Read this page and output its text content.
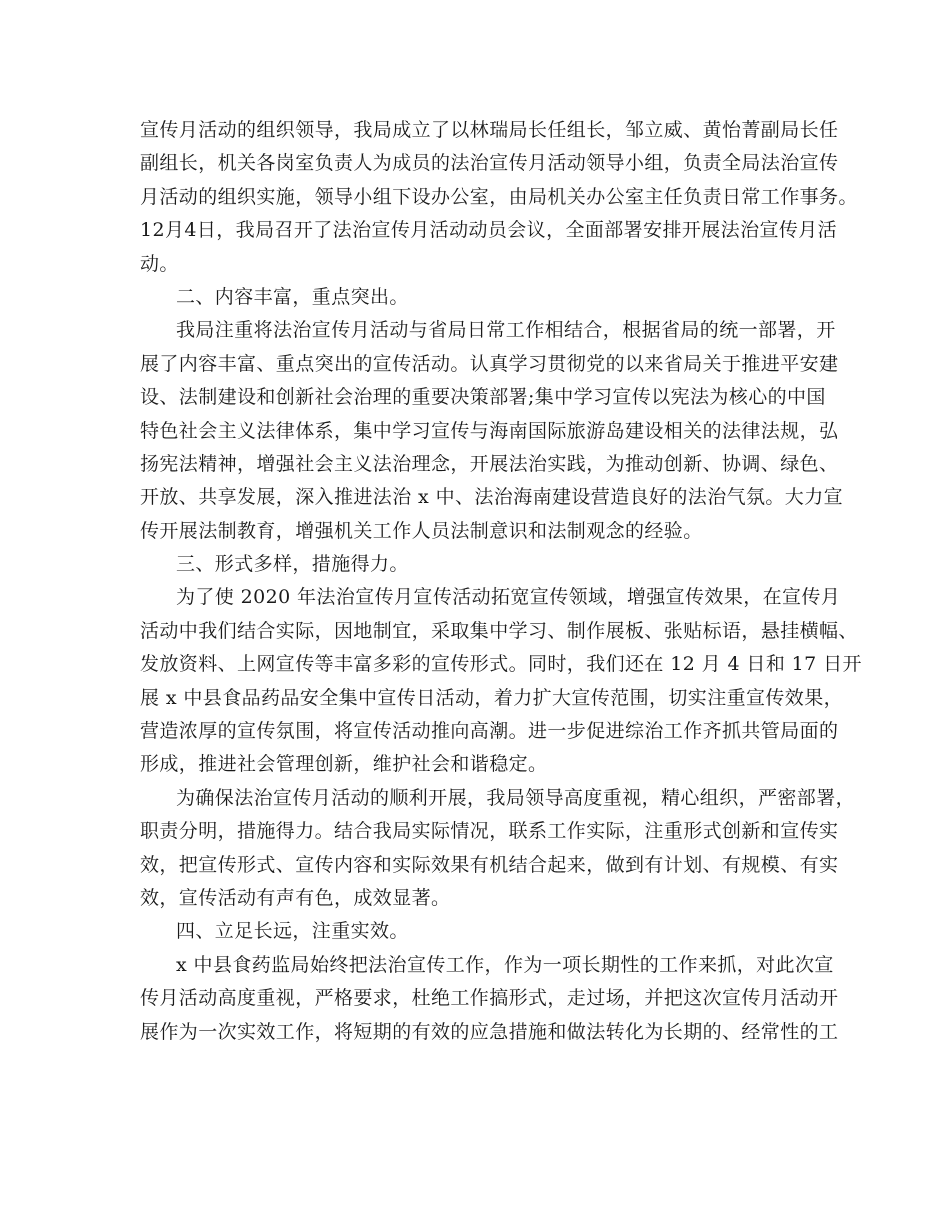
宣传月活动的组织领导，我局成立了以林瑞局长任组长，邹立威、黄怡菁副局长任
副组长，机关各岗室负责人为成员的法治宣传月活动领导小组，负责全局法治宣传
月活动的组织实施，领导小组下设办公室，由局机关办公室主任负责日常工作事务。
12月4日，我局召开了法治宣传月活动动员会议，全面部署安排开展法治宣传月活
动。
二、内容丰富，重点突出。
我局注重将法治宣传月活动与省局日常工作相结合，根据省局的统一部署，开
展了内容丰富、重点突出的宣传活动。认真学习贯彻党的以来省局关于推进平安建
设、法制建设和创新社会治理的重要决策部署;集中学习宣传以宪法为核心的中国
特色社会主义法律体系，集中学习宣传与海南国际旅游岛建设相关的法律法规，弘
扬宪法精神，增强社会主义法治理念，开展法治实践，为推动创新、协调、绿色、
开放、共享发展，深入推进法治 x 中、法治海南建设营造良好的法治气氛。大力宣
传开展法制教育，增强机关工作人员法制意识和法制观念的经验。
三、形式多样，措施得力。
为了使 2020 年法治宣传月宣传活动拓宽宣传领域，增强宣传效果，在宣传月
活动中我们结合实际，因地制宜，采取集中学习、制作展板、张贴标语，悬挂横幅、
发放资料、上网宣传等丰富多彩的宣传形式。同时，我们还在 12 月 4 日和 17 日开
展 x 中县食品药品安全集中宣传日活动，着力扩大宣传范围，切实注重宣传效果，
营造浓厚的宣传氛围，将宣传活动推向高潮。进一步促进综治工作齐抓共管局面的
形成，推进社会管理创新，维护社会和谐稳定。
为确保法治宣传月活动的顺利开展，我局领导高度重视，精心组织，严密部署，
职责分明，措施得力。结合我局实际情况，联系工作实际，注重形式创新和宣传实
效，把宣传形式、宣传内容和实际效果有机结合起来，做到有计划、有规模、有实
效，宣传活动有声有色，成效显著。
四、立足长远，注重实效。
x 中县食药监局始终把法治宣传工作，作为一项长期性的工作来抓，对此次宣
传月活动高度重视，严格要求，杜绝工作搞形式，走过场，并把这次宣传月活动开
展作为一次实效工作，将短期的有效的应急措施和做法转化为长期的、经常性的工
